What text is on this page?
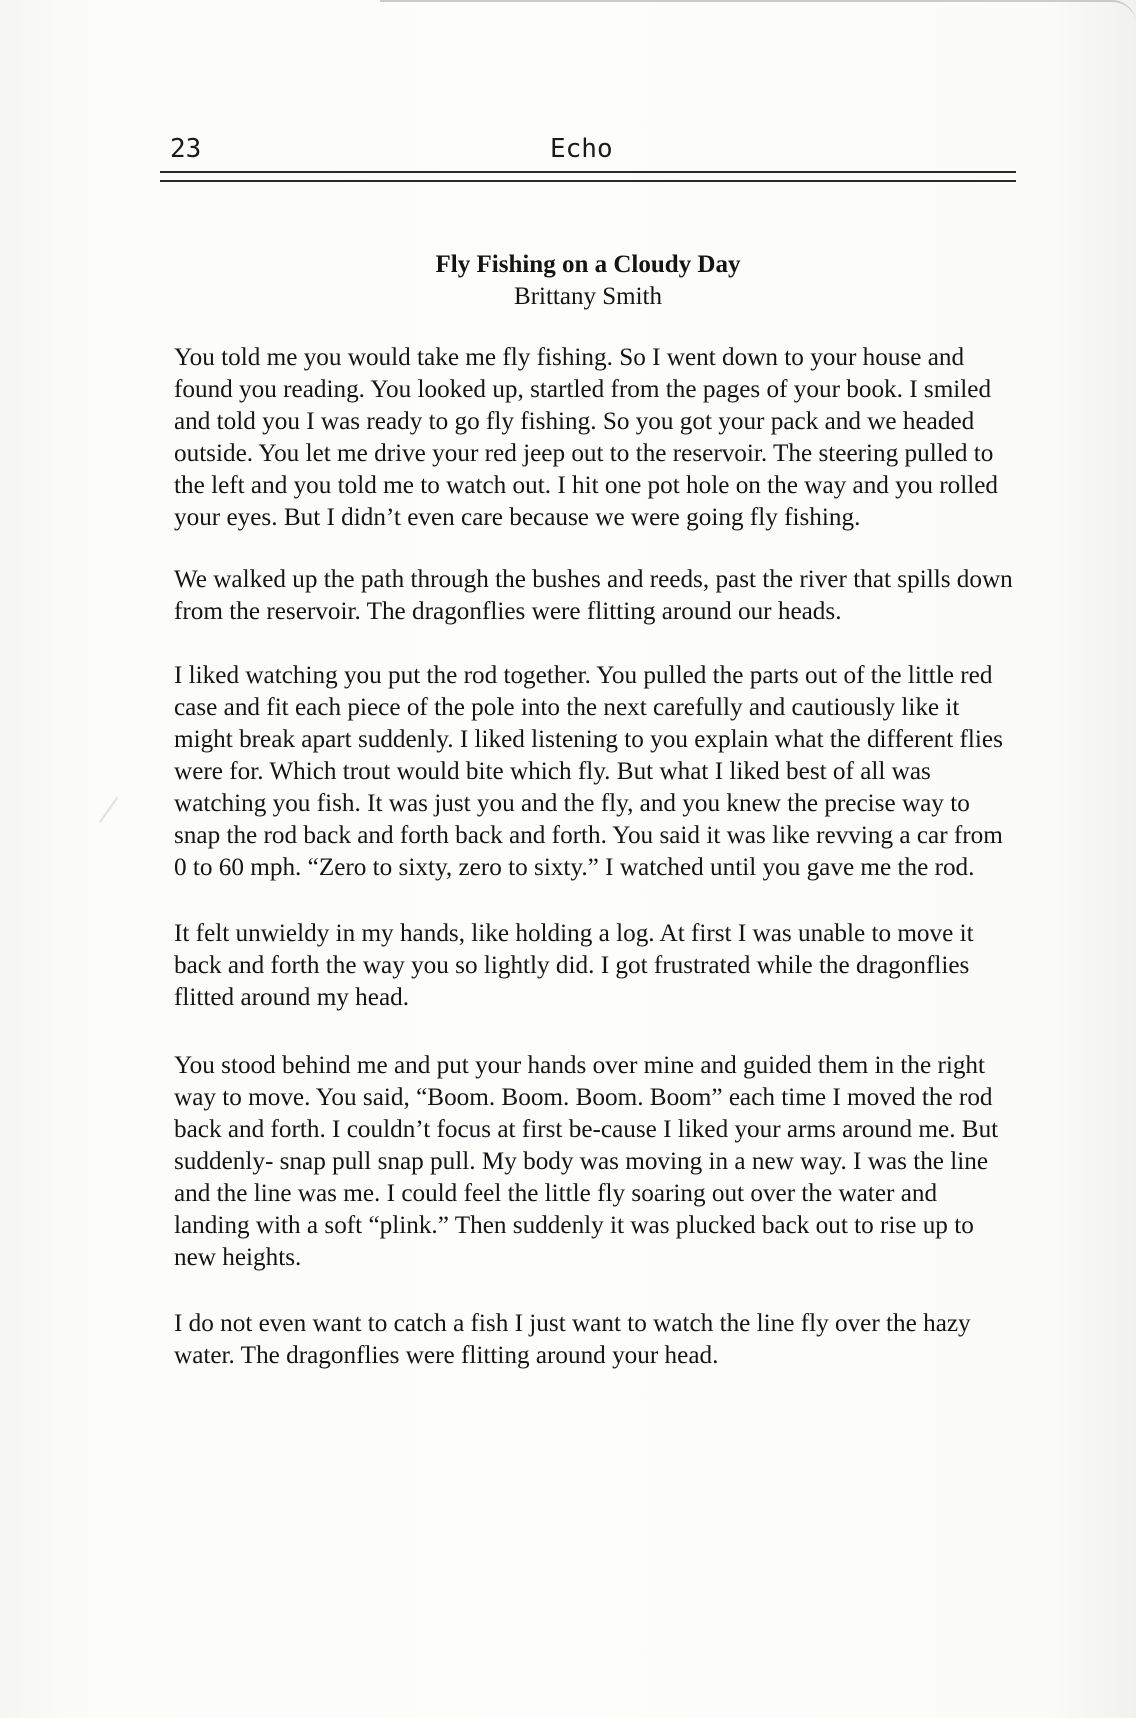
23	Echo
Fly Fishing on a Cloudy Day
Brittany Smith

You told me you would take me fly fishing. So I went down to your house and found you reading. You looked up, startled from the pages of your book. I smiled and told you I was ready to go fly fishing. So you got your pack and we headed outside. You let me drive your red jeep out to the reservoir. The steering pulled to the left and you told me to watch out. I hit one pot hole on the way and you rolled your eyes. But I didn’t even care because we were going fly fishing.

We walked up the path through the bushes and reeds, past the river that spills down from the reservoir. The dragonflies were flitting around our heads.

I liked watching you put the rod together. You pulled the parts out of the little red case and fit each piece of the pole into the next carefully and cautiously like it might break apart suddenly. I liked listening to you explain what the different flies were for. Which trout would bite which fly. But what I liked best of all was watching you fish. It was just you and the fly, and you knew the precise way to snap the rod back and forth back and forth. You said it was like revving a car from 0 to 60 mph. “Zero to sixty, zero to sixty.” I watched until you gave me the rod.

It felt unwieldy in my hands, like holding a log. At first I was unable to move it back and forth the way you so lightly did. I got frustrated while the dragonflies flitted around my head.

You stood behind me and put your hands over mine and guided them in the right way to move. You said, “Boom. Boom. Boom. Boom” each time I moved the rod back and forth. I couldn’t focus at first be-cause I liked your arms around me. But suddenly- snap pull snap pull. My body was moving in a new way. I was the line and the line was me. I could feel the little fly soaring out over the water and landing with a soft “plink.” Then suddenly it was plucked back out to rise up to new heights.

I do not even want to catch a fish I just want to watch the line fly over the hazy water. The dragonflies were flitting around your head.
